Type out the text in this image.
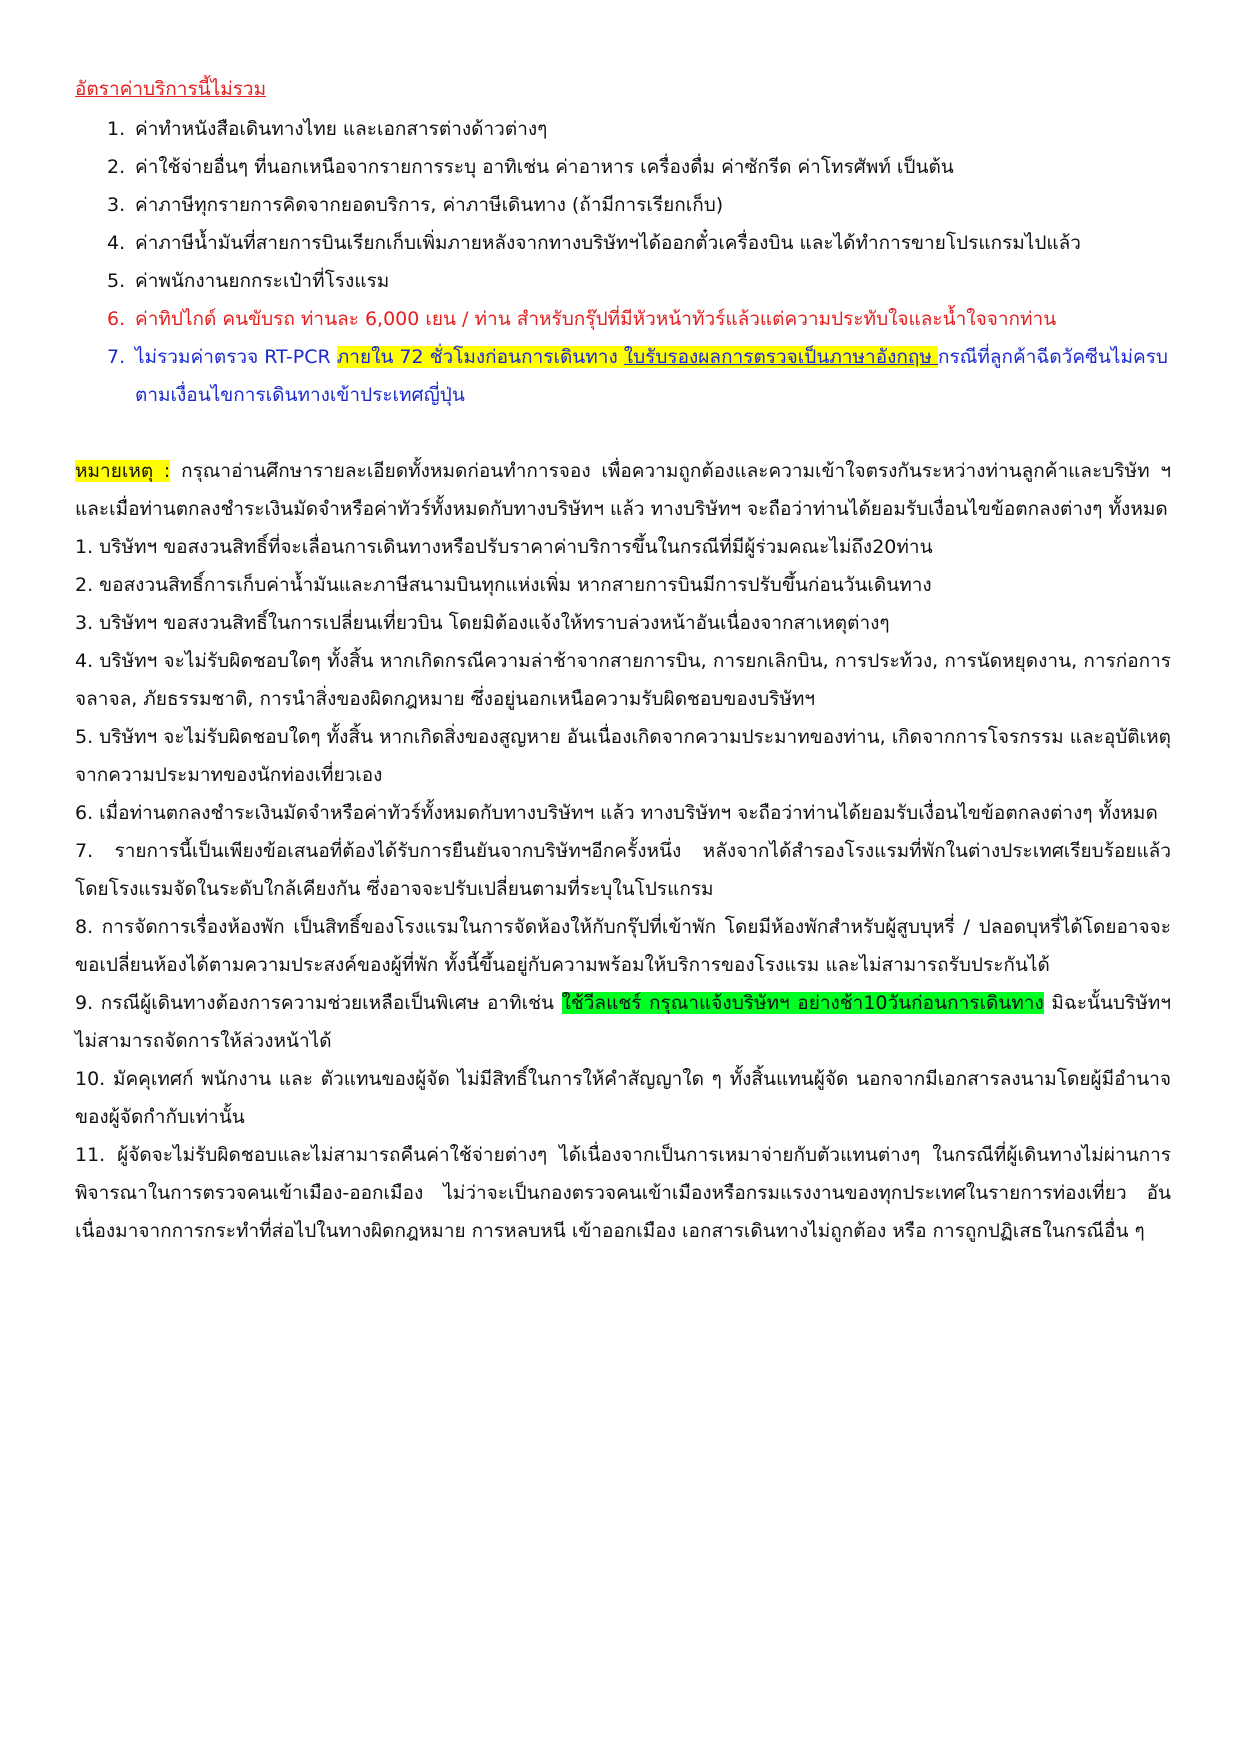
อัตราค่าบริการนี้ไม่รวม
1. ค่าทำหนังสือเดินทางไทย และเอกสารต่างด้าวต่างๆ
2. ค่าใช้จ่ายอื่นๆ ที่นอกเหนือจากรายการระบุ อาทิเช่น ค่าอาหาร เครื่องดื่ม ค่าซักรีด ค่าโทรศัพท์ เป็นต้น
3. ค่าภาษีทุกรายการคิดจากยอดบริการ, ค่าภาษีเดินทาง (ถ้ามีการเรียกเก็บ)
4. ค่าภาษีน้ำมันที่สายการบินเรียกเก็บเพิ่มภายหลังจากทางบริษัทฯได้ออกตั๋วเครื่องบิน และได้ทำการขายโปรแกรมไปแล้ว
5. ค่าพนักงานยกกระเป๋าที่โรงแรม
6. ค่าทิปไกด์ คนขับรถ ท่านละ 6,000 เยน / ท่าน สำหรับกรุ๊ปที่มีหัวหน้าทัวร์แล้วแต่ความประทับใจและน้ำใจจากท่าน
7. ไม่รวมค่าตรวจ RT-PCR ภายใน 72 ชั่วโมงก่อนการเดินทาง ใบรับรองผลการตรวจเป็นภาษาอังกฤษ กรณีที่ลูกค้าฉีดวัคซีนไม่ครบตามเงื่อนไขการเดินทางเข้าประเทศญี่ปุ่น

หมายเหตุ : กรุณาอ่านศึกษารายละเอียดทั้งหมดก่อนทำการจอง เพื่อความถูกต้องและความเข้าใจตรงกันระหว่างท่านลูกค้าและบริษัท ฯ และเมื่อท่านตกลงชำระเงินมัดจำหรือค่าทัวร์ทั้งหมดกับทางบริษัทฯ แล้ว ทางบริษัทฯ จะถือว่าท่านได้ยอมรับเงื่อนไขข้อตกลงต่างๆ ทั้งหมด

1. บริษัทฯ ขอสงวนสิทธิ์ที่จะเลื่อนการเดินทางหรือปรับราคาค่าบริการขึ้นในกรณีที่มีผู้ร่วมคณะไม่ถึง20ท่าน

2. ขอสงวนสิทธิ์การเก็บค่าน้ำมันและภาษีสนามบินทุกแห่งเพิ่ม หากสายการบินมีการปรับขึ้นก่อนวันเดินทาง

3. บริษัทฯ ขอสงวนสิทธิ์ในการเปลี่ยนเที่ยวบิน โดยมิต้องแจ้งให้ทราบล่วงหน้าอันเนื่องจากสาเหตุต่างๆ

4. บริษัทฯ จะไม่รับผิดชอบใดๆ ทั้งสิ้น หากเกิดกรณีความล่าช้าจากสายการบิน, การยกเลิกบิน, การประท้วง, การนัดหยุดงาน, การก่อการจลาจล, ภัยธรรมชาติ, การนำสิ่งของผิดกฎหมาย ซึ่งอยู่นอกเหนือความรับผิดชอบของบริษัทฯ

5. บริษัทฯ จะไม่รับผิดชอบใดๆ ทั้งสิ้น หากเกิดสิ่งของสูญหาย อันเนื่องเกิดจากความประมาทของท่าน, เกิดจากการโจรกรรม และอุบัติเหตุจากความประมาทของนักท่องเที่ยวเอง

6. เมื่อท่านตกลงชำระเงินมัดจำหรือค่าทัวร์ทั้งหมดกับทางบริษัทฯ แล้ว ทางบริษัทฯ จะถือว่าท่านได้ยอมรับเงื่อนไขข้อตกลงต่างๆ ทั้งหมด

7. รายการนี้เป็นเพียงข้อเสนอที่ต้องได้รับการยืนยันจากบริษัทฯอีกครั้งหนึ่ง หลังจากได้สำรองโรงแรมที่พักในต่างประเทศเรียบร้อยแล้ว โดยโรงแรมจัดในระดับใกล้เคียงกัน ซึ่งอาจจะปรับเปลี่ยนตามที่ระบุในโปรแกรม

8. การจัดการเรื่องห้องพัก เป็นสิทธิ์ของโรงแรมในการจัดห้องให้กับกรุ๊ปที่เข้าพัก โดยมีห้องพักสำหรับผู้สูบบุหรี่ / ปลอดบุหรี่ได้โดยอาจจะขอเปลี่ยนห้องได้ตามความประสงค์ของผู้ที่พัก ทั้งนี้ขึ้นอยู่กับความพร้อมให้บริการของโรงแรม และไม่สามารถรับประกันได้

9. กรณีผู้เดินทางต้องการความช่วยเหลือเป็นพิเศษ อาทิเช่น ใช้วีลแชร์ กรุณาแจ้งบริษัทฯ อย่างช้า10วันก่อนการเดินทาง มิฉะนั้นบริษัทฯไม่สามารถจัดการให้ล่วงหน้าได้

10. มัคคุเทศก์ พนักงาน และ ตัวแทนของผู้จัด ไม่มีสิทธิ์ในการให้คำสัญญาใด ๆ ทั้งสิ้นแทนผู้จัด นอกจากมีเอกสารลงนามโดยผู้มีอำนาจของผู้จัดกำกับเท่านั้น

11. ผู้จัดจะไม่รับผิดชอบและไม่สามารถคืนค่าใช้จ่ายต่างๆ ได้เนื่องจากเป็นการเหมาจ่ายกับตัวแทนต่างๆ ในกรณีที่ผู้เดินทางไม่ผ่านการพิจารณาในการตรวจคนเข้าเมือง-ออกเมือง ไม่ว่าจะเป็นกองตรวจคนเข้าเมืองหรือกรมแรงงานของทุกประเทศในรายการท่องเที่ยว อันเนื่องมาจากการกระทำที่ส่อไปในทางผิดกฎหมาย การหลบหนี เข้าออกเมือง เอกสารเดินทางไม่ถูกต้อง หรือ การถูกปฏิเสธในกรณีอื่น ๆ
